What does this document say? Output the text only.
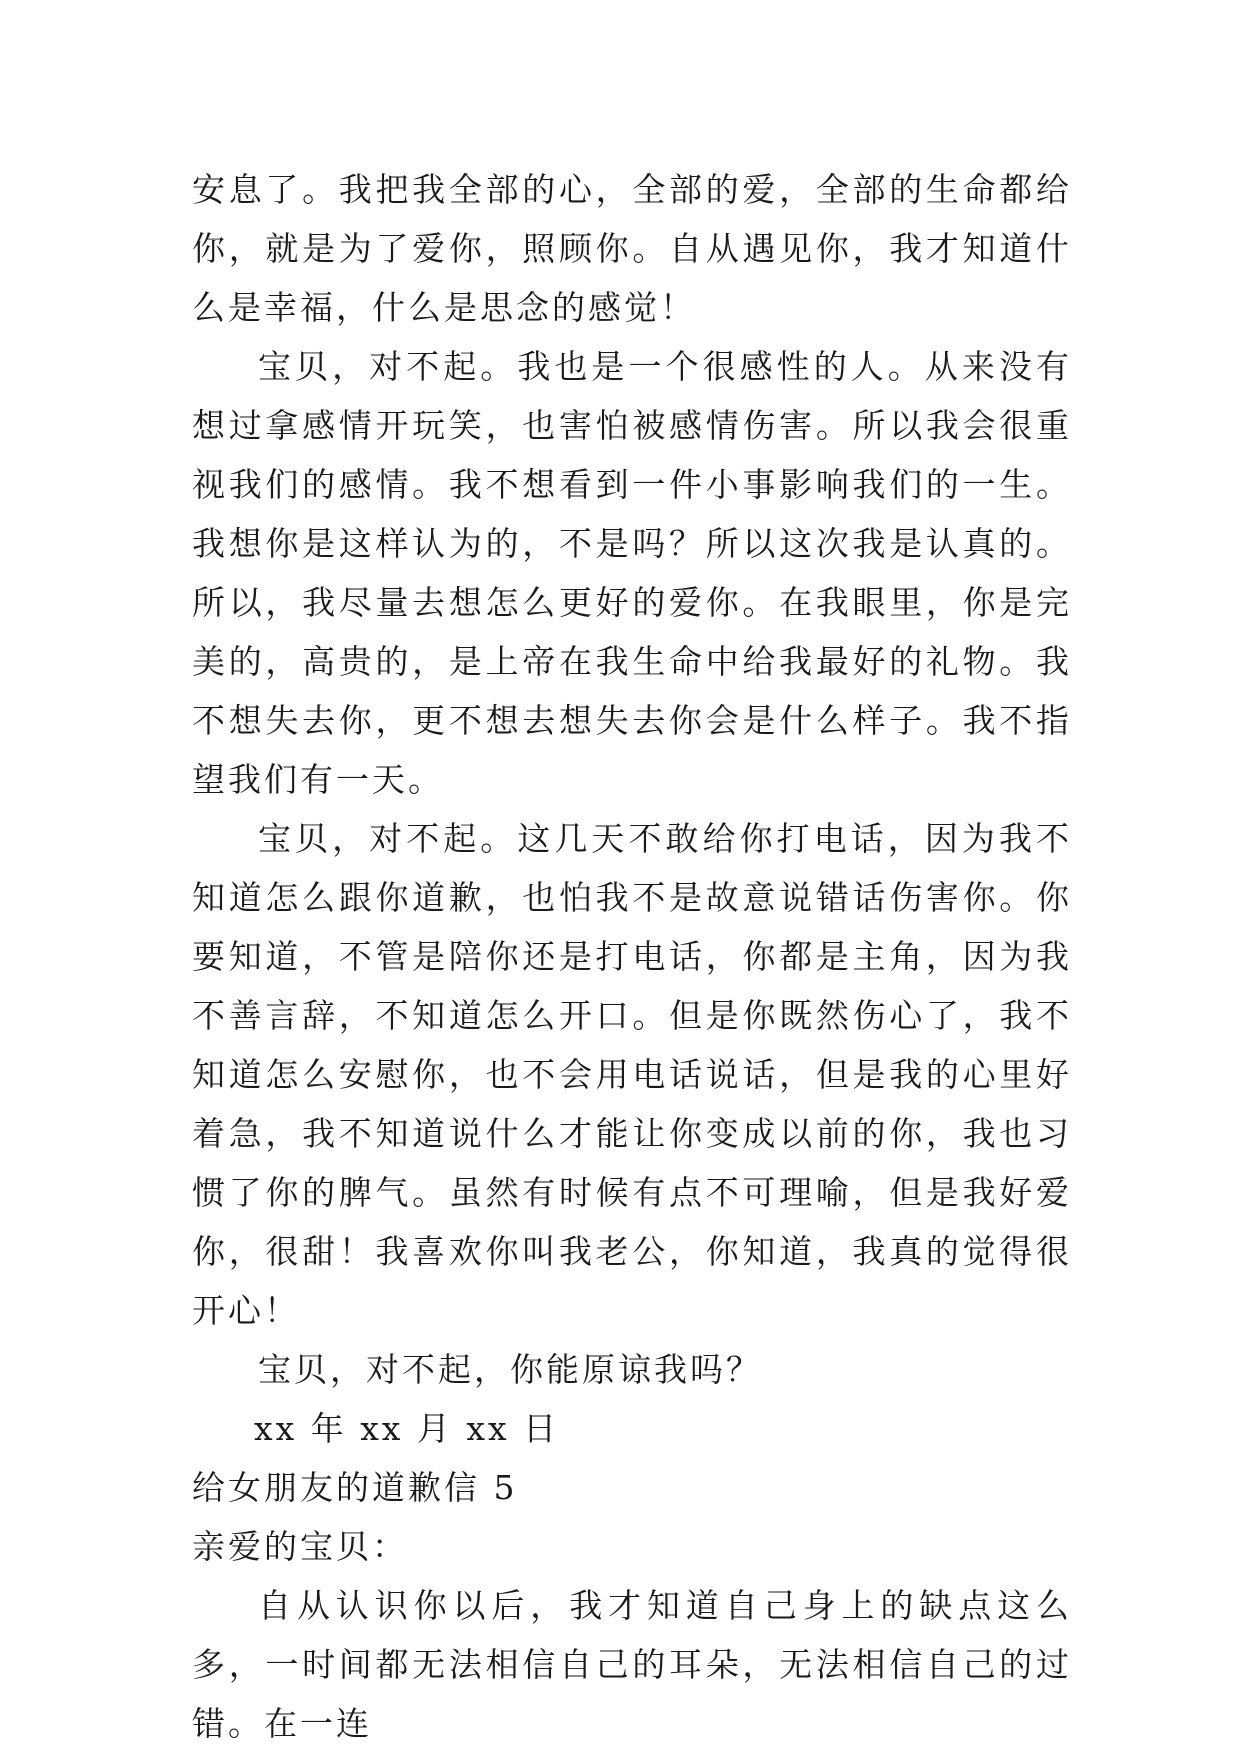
安息了。我把我全部的心，全部的爱，全部的生命都给你，就是为了爱你，照顾你。自从遇见你，我才知道什么是幸福，什么是思念的感觉！

宝贝，对不起。我也是一个很感性的人。从来没有想过拿感情开玩笑，也害怕被感情伤害。所以我会很重视我们的感情。我不想看到一件小事影响我们的一生。我想你是这样认为的，不是吗？所以这次我是认真的。所以，我尽量去想怎么更好的爱你。在我眼里，你是完美的，高贵的，是上帝在我生命中给我最好的礼物。我不想失去你，更不想去想失去你会是什么样子。我不指望我们有一天。

宝贝，对不起。这几天不敢给你打电话，因为我不知道怎么跟你道歉，也怕我不是故意说错话伤害你。你要知道，不管是陪你还是打电话，你都是主角，因为我不善言辞，不知道怎么开口。但是你既然伤心了，我不知道怎么安慰你，也不会用电话说话，但是我的心里好着急，我不知道说什么才能让你变成以前的你，我也习惯了你的脾气。虽然有时候有点不可理喻，但是我好爱你，很甜！我喜欢你叫我老公，你知道，我真的觉得很开心！

宝贝，对不起，你能原谅我吗？

xx 年 xx 月 xx 日

给女朋友的道歉信 5

亲爱的宝贝：

自从认识你以后，我才知道自己身上的缺点这么多，一时间都无法相信自己的耳朵，无法相信自己的过错。在一连
